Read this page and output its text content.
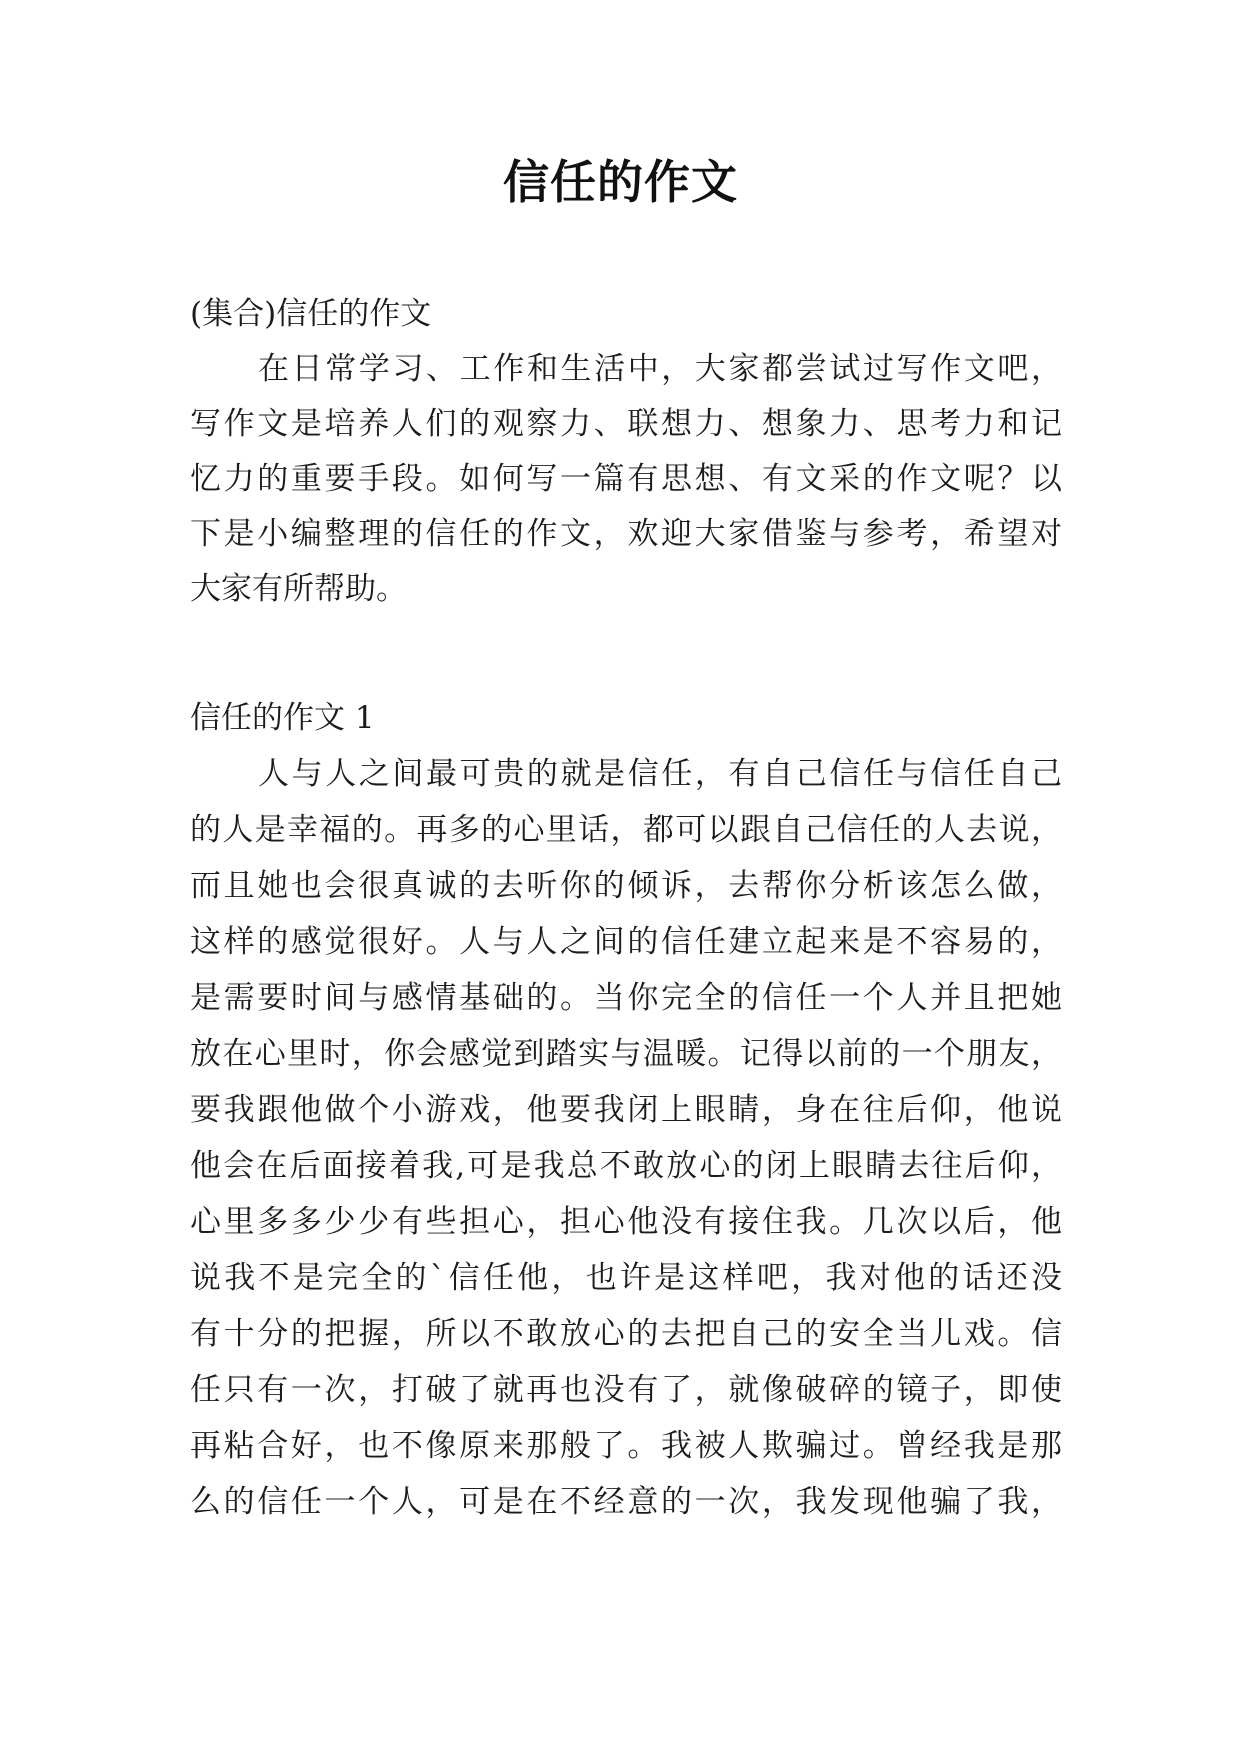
信任的作文
(集合)信任的作文
在日常学习、工作和生活中，大家都尝试过写作文吧，
写作文是培养人们的观察力、联想力、想象力、思考力和记
忆力的重要手段。如何写一篇有思想、有文采的作文呢？以
下是小编整理的信任的作文，欢迎大家借鉴与参考，希望对
大家有所帮助。
信任的作文 1
人与人之间最可贵的就是信任，有自己信任与信任自己
的人是幸福的。再多的心里话，都可以跟自己信任的人去说，
而且她也会很真诚的去听你的倾诉，去帮你分析该怎么做，
这样的感觉很好。人与人之间的信任建立起来是不容易的，
是需要时间与感情基础的。当你完全的信任一个人并且把她
放在心里时，你会感觉到踏实与温暖。记得以前的一个朋友，
要我跟他做个小游戏，他要我闭上眼睛，身在往后仰，他说
他会在后面接着我,可是我总不敢放心的闭上眼睛去往后仰，
心里多多少少有些担心，担心他没有接住我。几次以后，他
说我不是完全的`信任他，也许是这样吧，我对他的话还没
有十分的把握，所以不敢放心的去把自己的安全当儿戏。信
任只有一次，打破了就再也没有了，就像破碎的镜子，即使
再粘合好，也不像原来那般了。我被人欺骗过。曾经我是那
么的信任一个人，可是在不经意的一次，我发现他骗了我，
